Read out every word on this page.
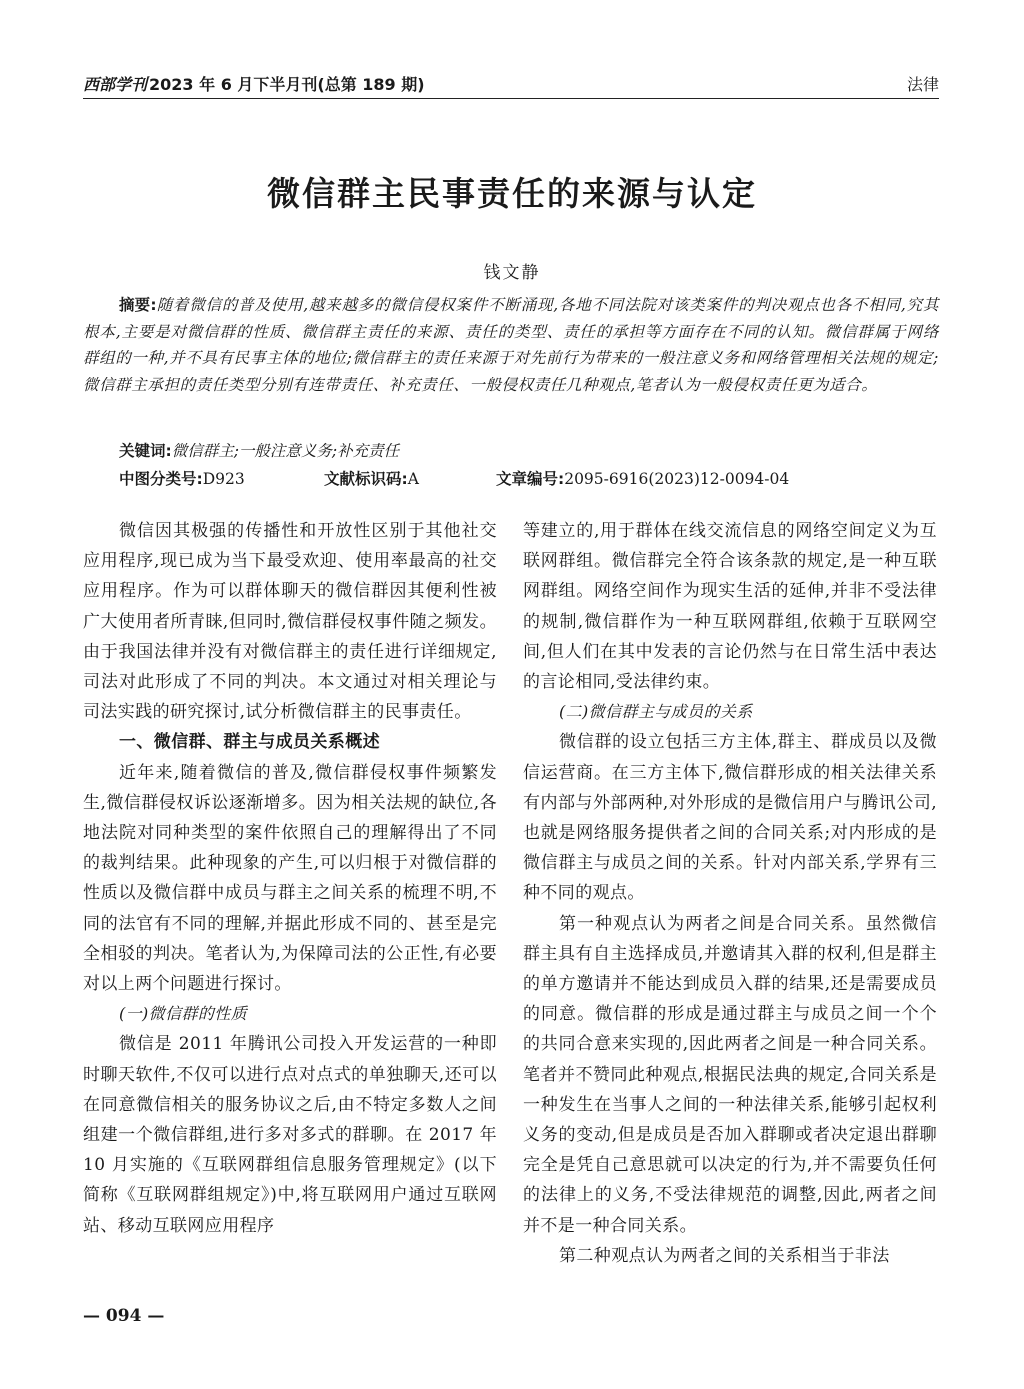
西部学刊 2023 年 6 月下半月刊(总第 189 期)	法律
微信群主民事责任的来源与认定
钱文静
摘要:随着微信的普及使用,越来越多的微信侵权案件不断涌现,各地不同法院对该类案件的判决观点也各不相同,究其根本,主要是对微信群的性质、微信群主责任的来源、责任的类型、责任的承担等方面存在不同的认知。微信群属于网络群组的一种,并不具有民事主体的地位;微信群主的责任来源于对先前行为带来的一般注意义务和网络管理相关法规的规定;微信群主承担的责任类型分别有连带责任、补充责任、一般侵权责任几种观点,笔者认为一般侵权责任更为适合。
关键词:微信群主;一般注意义务;补充责任
中图分类号:D923	文献标识码:A	文章编号:2095-6916(2023)12-0094-04

微信因其极强的传播性和开放性区别于其他社交应用程序,现已成为当下最受欢迎、使用率最高的社交应用程序。作为可以群体聊天的微信群因其便利性被广大使用者所青睐,但同时,微信群侵权事件随之频发。由于我国法律并没有对微信群主的责任进行详细规定,司法对此形成了不同的判决。本文通过对相关理论与司法实践的研究探讨,试分析微信群主的民事责任。

一、微信群、群主与成员关系概述

近年来,随着微信的普及,微信群侵权事件频繁发生,微信群侵权诉讼逐渐增多。因为相关法规的缺位,各地法院对同种类型的案件依照自己的理解得出了不同的裁判结果。此种现象的产生,可以归根于对微信群的性质以及微信群中成员与群主之间关系的梳理不明,不同的法官有不同的理解,并据此形成不同的、甚至是完全相驳的判决。笔者认为,为保障司法的公正性,有必要对以上两个问题进行探讨。

(一)微信群的性质

微信是 2011 年腾讯公司投入开发运营的一种即时聊天软件,不仅可以进行点对点式的单独聊天,还可以在同意微信相关的服务协议之后,由不特定多数人之间组建一个微信群组,进行多对多式的群聊。在 2017 年 10 月实施的《互联网群组信息服务管理规定》(以下简称《互联网群组规定》)中,将互联网用户通过互联网站、移动互联网应用程序

等建立的,用于群体在线交流信息的网络空间定义为互联网群组。微信群完全符合该条款的规定,是一种互联网群组。网络空间作为现实生活的延伸,并非不受法律的规制,微信群作为一种互联网群组,依赖于互联网空间,但人们在其中发表的言论仍然与在日常生活中表达的言论相同,受法律约束。

(二)微信群主与成员的关系

微信群的设立包括三方主体,群主、群成员以及微信运营商。在三方主体下,微信群形成的相关法律关系有内部与外部两种,对外形成的是微信用户与腾讯公司,也就是网络服务提供者之间的合同关系;对内形成的是微信群主与成员之间的关系。针对内部关系,学界有三种不同的观点。

第一种观点认为两者之间是合同关系。虽然微信群主具有自主选择成员,并邀请其入群的权利,但是群主的单方邀请并不能达到成员入群的结果,还是需要成员的同意。微信群的形成是通过群主与成员之间一个个的共同合意来实现的,因此两者之间是一种合同关系。笔者并不赞同此种观点,根据民法典的规定,合同关系是一种发生在当事人之间的一种法律关系,能够引起权利义务的变动,但是成员是否加入群聊或者决定退出群聊完全是凭自己意思就可以决定的行为,并不需要负任何的法律上的义务,不受法律规范的调整,因此,两者之间并不是一种合同关系。

第二种观点认为两者之间的关系相当于非法

— 094 —
